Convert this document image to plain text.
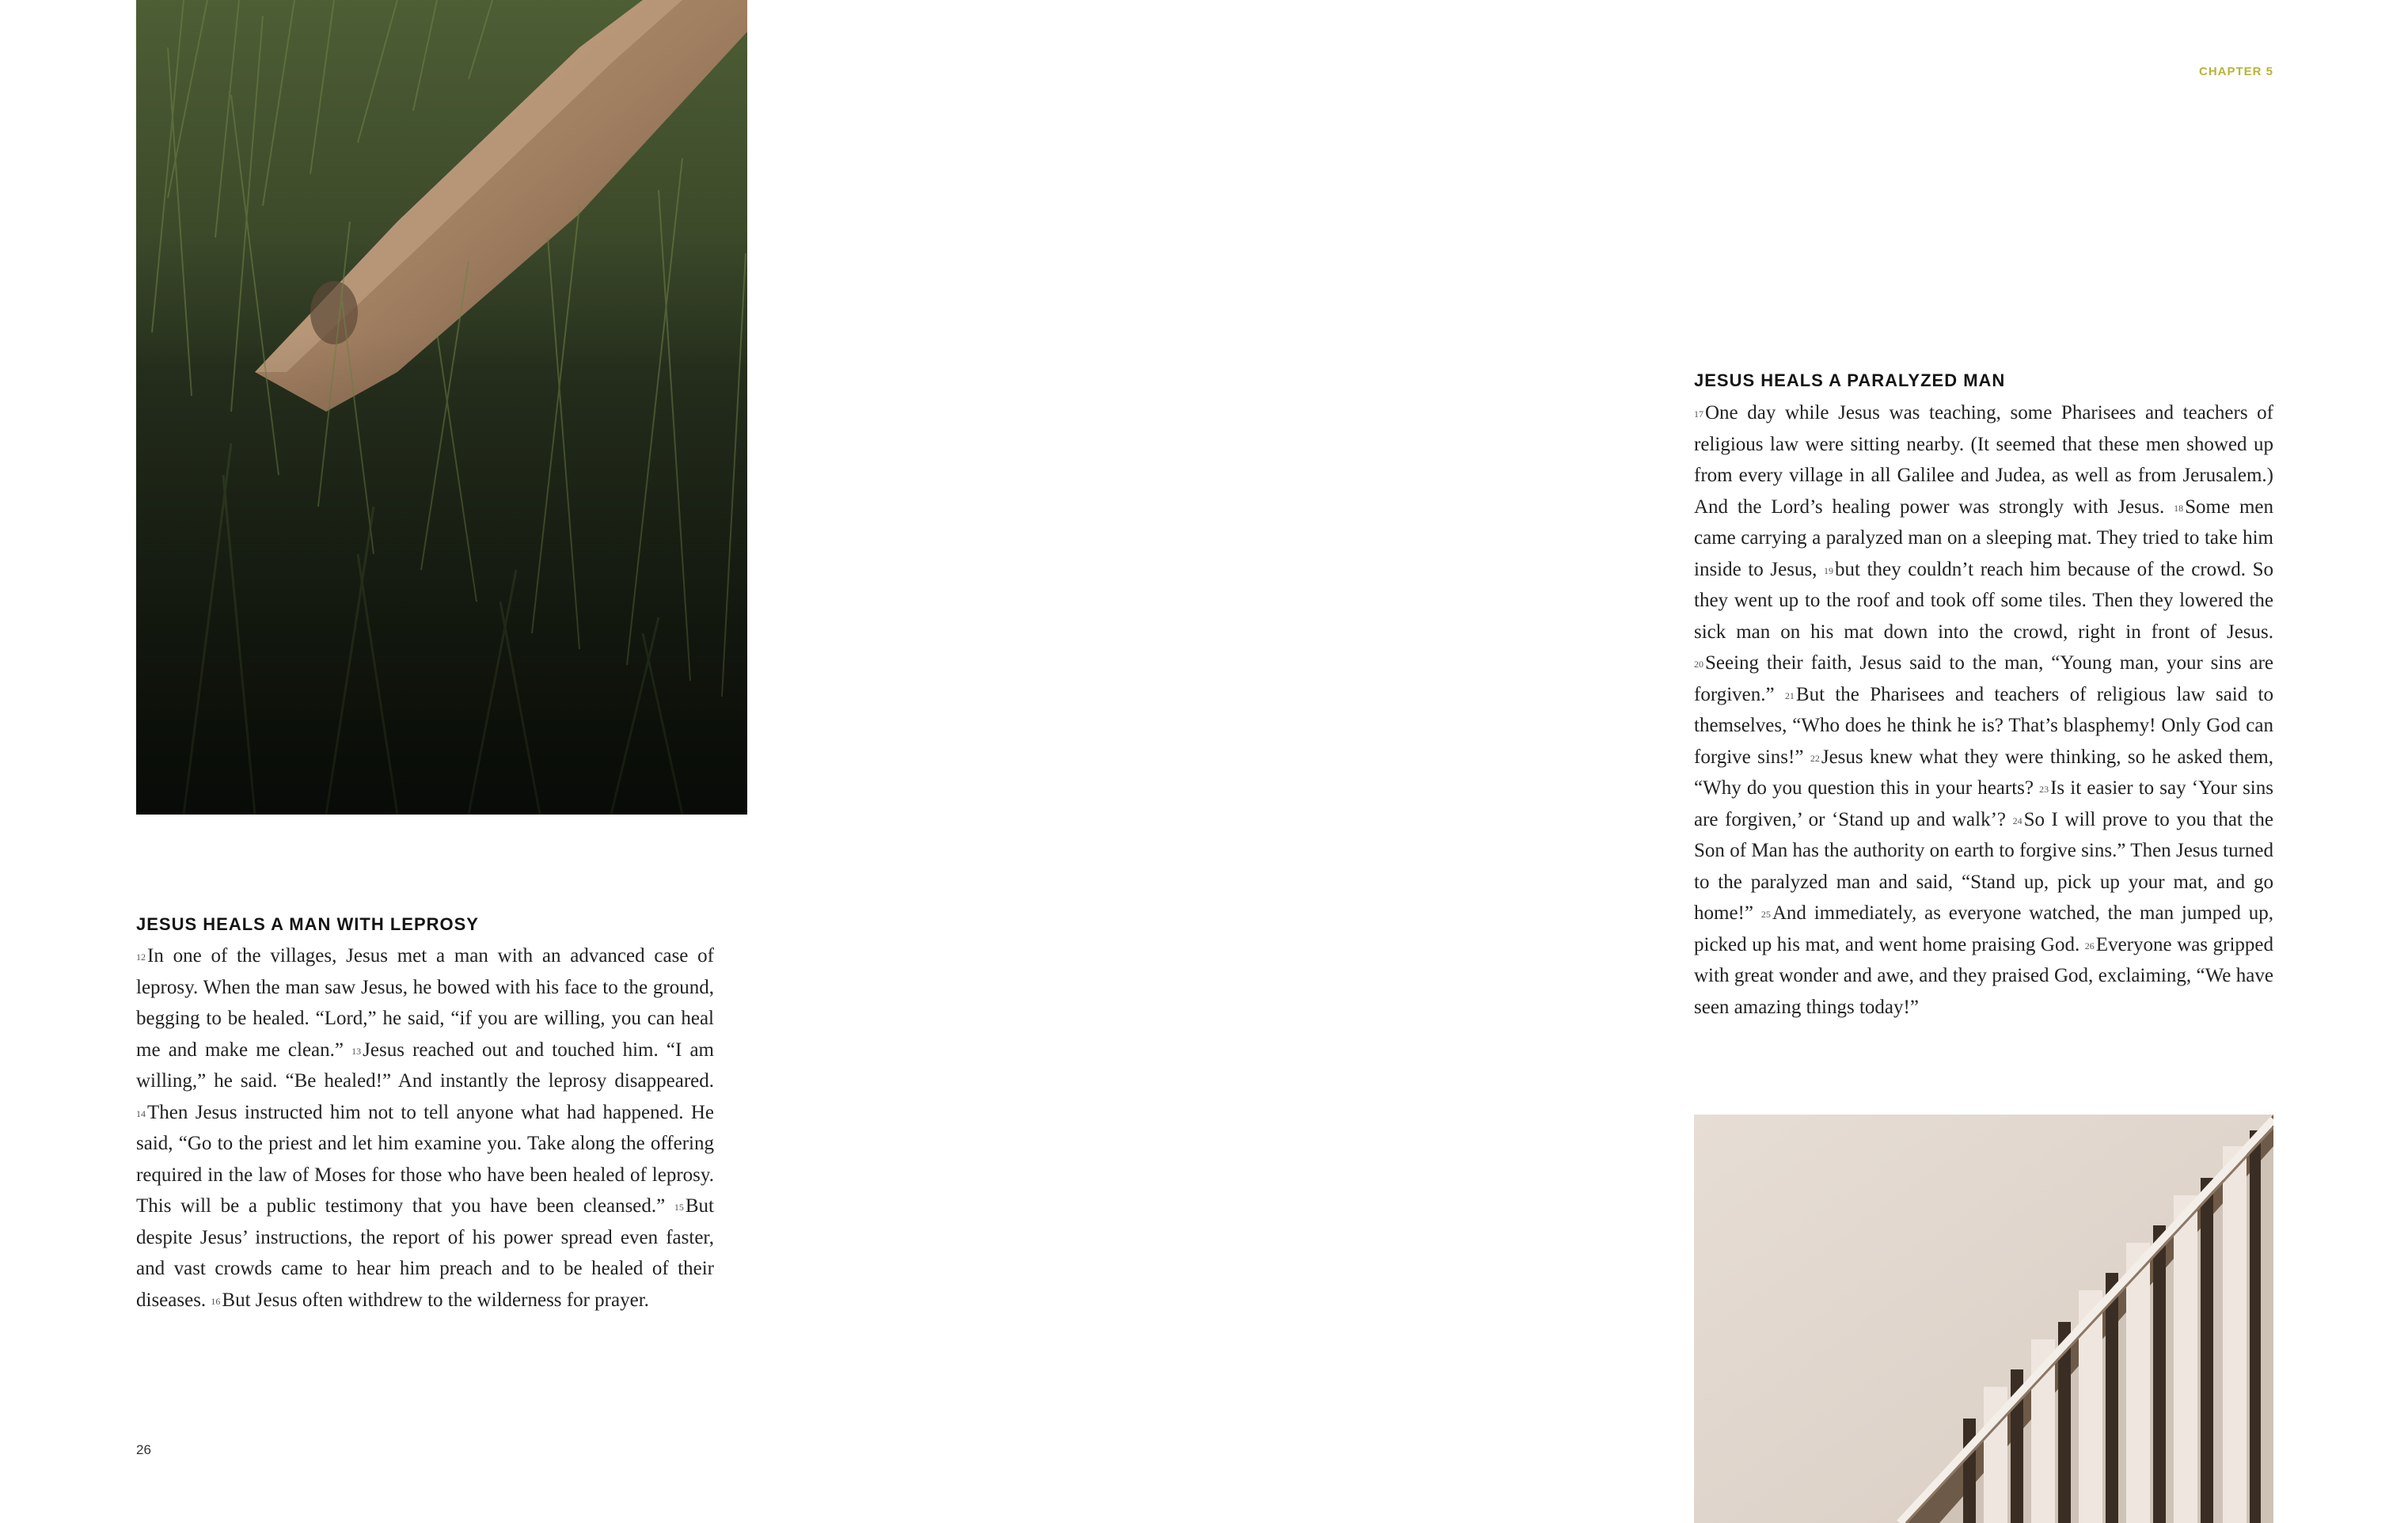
JESUS HEALS A MAN WITH LEPROSY

$^{12}$In one of the villages, Jesus met a man with an advanced case of leprosy. When the man saw Jesus, he bowed with his face to the ground, begging to be healed. “Lord,” he said, “if you are willing, you can heal me and make me clean.” $^{13}$Jesus reached out and touched him. “I am willing,” he said. “Be healed!” And instantly the leprosy disappeared. $^{14}$Then Jesus instructed him not to tell anyone what had happened. He said, “Go to the priest and let him examine you. Take along the offering required in the law of Moses for those who have been healed of leprosy. This will be a public testimony that you have been cleansed.” $^{15}$But despite Jesus’ instructions, the report of his power spread even faster, and vast crowds came to hear him preach and to be healed of their diseases. $^{16}$But Jesus often withdrew to the wilderness for prayer.

26
CHAPTER 5
JESUS HEALS A PARALYZED MAN

$^{17}$One day while Jesus was teaching, some Pharisees and teachers of religious law were sitting nearby. (It seemed that these men showed up from every village in all Galilee and Judea, as well as from Jerusalem.) And the Lord’s healing power was strongly with Jesus. $^{18}$Some men came carrying a paralyzed man on a sleeping mat. They tried to take him inside to Jesus, $^{19}$but they couldn’t reach him because of the crowd. So they went up to the roof and took off some tiles. Then they lowered the sick man on his mat down into the crowd, right in front of Jesus. $^{20}$Seeing their faith, Jesus said to the man, “Young man, your sins are forgiven.” $^{21}$But the Pharisees and teachers of religious law said to themselves, “Who does he think he is? That’s blasphemy! Only God can forgive sins!” $^{22}$Jesus knew what they were thinking, so he asked them, “Why do you question this in your hearts? $^{23}$Is it easier to say ‘Your sins are forgiven,’ or ‘Stand up and walk’? $^{24}$So I will prove to you that the Son of Man has the authority on earth to forgive sins.” Then Jesus turned to the paralyzed man and said, “Stand up, pick up your mat, and go home!” $^{25}$And immediately, as everyone watched, the man jumped up, picked up his mat, and went home praising God. $^{26}$Everyone was gripped with great wonder and awe, and they praised God, exclaiming, “We have seen amazing things today!”
